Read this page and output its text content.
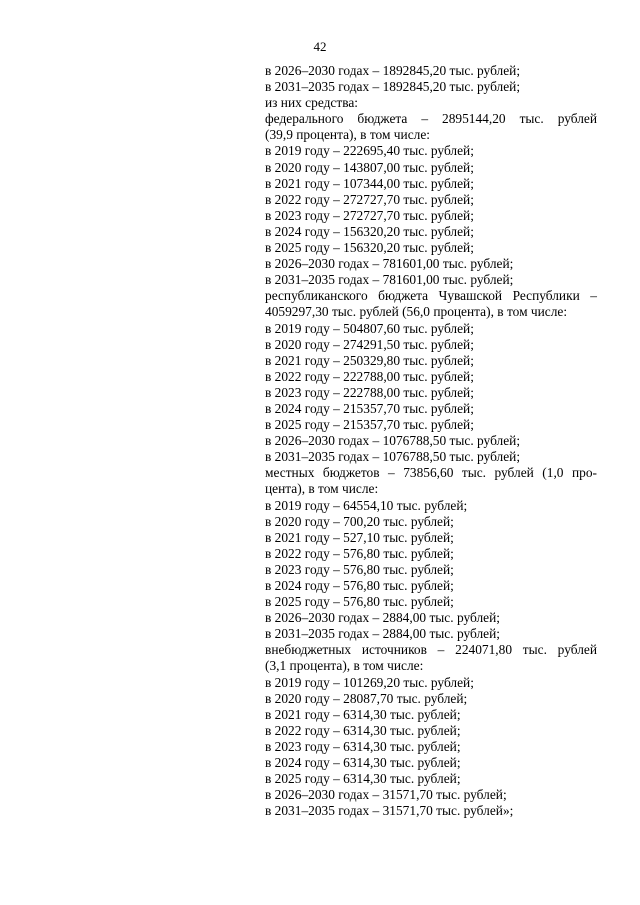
42
в 2026–2030 годах – 1892845,20 тыс. рублей;
в 2031–2035 годах – 1892845,20 тыс. рублей;
из них средства:
федерального бюджета – 2895144,20 тыс. рублей
(39,9 процента), в том числе:
в 2019 году – 222695,40 тыс. рублей;
в 2020 году – 143807,00 тыс. рублей;
в 2021 году – 107344,00 тыс. рублей;
в 2022 году – 272727,70 тыс. рублей;
в 2023 году – 272727,70 тыс. рублей;
в 2024 году – 156320,20 тыс. рублей;
в 2025 году – 156320,20 тыс. рублей;
в 2026–2030 годах – 781601,00 тыс. рублей;
в 2031–2035 годах – 781601,00 тыс. рублей;
республиканского бюджета Чувашской Республики –
4059297,30 тыс. рублей (56,0 процента), в том числе:
в 2019 году – 504807,60 тыс. рублей;
в 2020 году – 274291,50 тыс. рублей;
в 2021 году – 250329,80 тыс. рублей;
в 2022 году – 222788,00 тыс. рублей;
в 2023 году – 222788,00 тыс. рублей;
в 2024 году – 215357,70 тыс. рублей;
в 2025 году – 215357,70 тыс. рублей;
в 2026–2030 годах – 1076788,50 тыс. рублей;
в 2031–2035 годах – 1076788,50 тыс. рублей;
местных бюджетов – 73856,60 тыс. рублей (1,0 про-
цента), в том числе:
в 2019 году – 64554,10 тыс. рублей;
в 2020 году – 700,20 тыс. рублей;
в 2021 году – 527,10 тыс. рублей;
в 2022 году – 576,80 тыс. рублей;
в 2023 году – 576,80 тыс. рублей;
в 2024 году – 576,80 тыс. рублей;
в 2025 году – 576,80 тыс. рублей;
в 2026–2030 годах – 2884,00 тыс. рублей;
в 2031–2035 годах – 2884,00 тыс. рублей;
внебюджетных источников – 224071,80 тыс. рублей
(3,1 процента), в том числе:
в 2019 году – 101269,20 тыс. рублей;
в 2020 году – 28087,70 тыс. рублей;
в 2021 году – 6314,30 тыс. рублей;
в 2022 году – 6314,30 тыс. рублей;
в 2023 году – 6314,30 тыс. рублей;
в 2024 году – 6314,30 тыс. рублей;
в 2025 году – 6314,30 тыс. рублей;
в 2026–2030 годах – 31571,70 тыс. рублей;
в 2031–2035 годах – 31571,70 тыс. рублей»;
